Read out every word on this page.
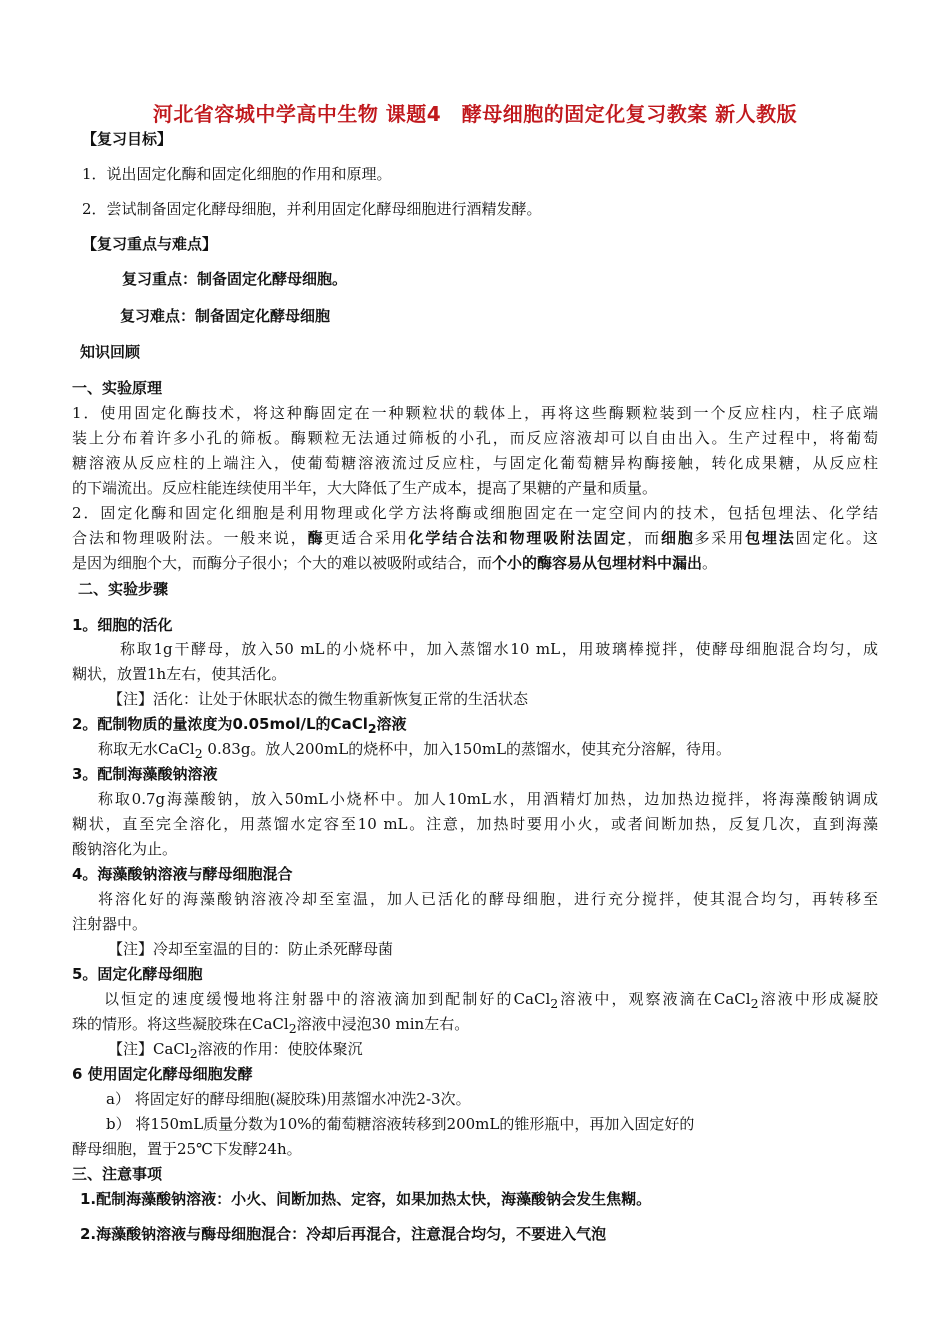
河北省容城中学高中生物 课题4　酵母细胞的固定化复习教案 新人教版
【复习目标】
1．说出固定化酶和固定化细胞的作用和原理。
2．尝试制备固定化酵母细胞，并利用固定化酵母细胞进行酒精发酵。
【复习重点与难点】
复习重点：制备固定化酵母细胞。
复习难点：制备固定化酵母细胞
知识回顾
一、实验原理
1．使用固定化酶技术，将这种酶固定在一种颗粒状的载体上，再将这些酶颗粒装到一个反应柱内，柱子底端
装上分布着许多小孔的筛板。酶颗粒无法通过筛板的小孔，而反应溶液却可以自由出入。生产过程中，将葡萄
糖溶液从反应柱的上端注入，使葡萄糖溶液流过反应柱，与固定化葡萄糖异构酶接触，转化成果糖，从反应柱
的下端流出。反应柱能连续使用半年，大大降低了生产成本，提高了果糖的产量和质量。
2．固定化酶和固定化细胞是利用物理或化学方法将酶或细胞固定在一定空间内的技术，包括包埋法、化学结
合法和物理吸附法。一般来说，酶更适合采用化学结合法和物理吸附法固定，而细胞多采用包埋法固定化。这
是因为细胞个大，而酶分子很小；个大的难以被吸附或结合，而个小的酶容易从包埋材料中漏出。
二、实验步骤
1。细胞的活化
称取1g干酵母，放入50 mL的小烧杯中，加入蒸馏水10 mL，用玻璃棒搅拌，使酵母细胞混合均匀，成
糊状，放置1h左右，使其活化。
【注】活化：让处于休眠状态的微生物重新恢复正常的生活状态
2。配制物质的量浓度为0.05mol/L的CaCl$_2$溶液
称取无水CaCl$_2$ 0.83g。放人200mL的烧杯中，加入150mL的蒸馏水，使其充分溶解，待用。
3。配制海藻酸钠溶液
称取0.7g海藻酸钠，放入50mL小烧杯中。加人10mL水，用酒精灯加热，边加热边搅拌，将海藻酸钠调成
糊状，直至完全溶化，用蒸馏水定容至10 mL。注意，加热时要用小火，或者间断加热，反复几次，直到海藻
酸钠溶化为止。
4。海藻酸钠溶液与酵母细胞混合
将溶化好的海藻酸钠溶液冷却至室温，加人已活化的酵母细胞，进行充分搅拌，使其混合均匀，再转移至
注射器中。
【注】冷却至室温的目的：防止杀死酵母菌
5。固定化酵母细胞
以恒定的速度缓慢地将注射器中的溶液滴加到配制好的CaCl$_2$溶液中，观察液滴在CaCl$_2$溶液中形成凝胶
珠的情形。将这些凝胶珠在CaCl$_2$溶液中浸泡30 min左右。
【注】CaCl$_2$溶液的作用：使胶体聚沉
6 使用固定化酵母细胞发酵
a） 将固定好的酵母细胞(凝胶珠)用蒸馏水冲洗2-3次。
b） 将150mL质量分数为10%的葡萄糖溶液转移到200mL的锥形瓶中，再加入固定好的
酵母细胞，置于25℃下发酵24h。
三、注意事项
1.配制海藻酸钠溶液：小火、间断加热、定容，如果加热太快，海藻酸钠会发生焦糊。
2.海藻酸钠溶液与酶母细胞混合：冷却后再混合，注意混合均匀，不要进入气泡
